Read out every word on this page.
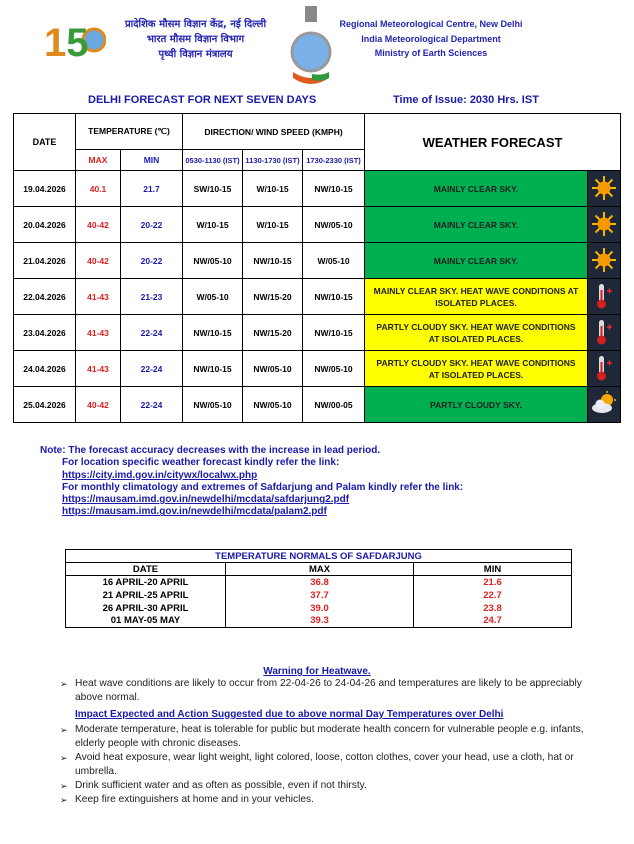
15	प्रादेशिक मौसम विज्ञान केंद्र, नई दिल्ली
भारत मौसम विज्ञान विभाग
पृथ्वी विज्ञान मंत्रालय
Regional Meteorological Centre, New Delhi
India Meteorological Department
Ministry of Earth Sciences
DELHI FORECAST FOR NEXT SEVEN DAYS	Time of Issue: 2030 Hrs. IST
DATE	TEMPERATURE (℃)		DIRECTION/ WIND SPEED (KMPH)			WEATHER FORECAST	
	MAX	MIN	0530-1130 (IST)	1130-1730 (IST)	1730-2330 (IST)		
19.04.2026	40.1	21.7	SW/10-15	W/10-15	NW/10-15	MAINLY CLEAR SKY.	
20.04.2026	40-42	20-22	W/10-15	W/10-15	NW/05-10	MAINLY CLEAR SKY.	
21.04.2026	40-42	20-22	NW/05-10	NW/10-15	W/05-10	MAINLY CLEAR SKY.	
22.04.2026	41-43	21-23	W/05-10	NW/15-20	NW/10-15	MAINLY CLEAR SKY. HEAT WAVE CONDITIONS AT ISOLATED PLACES.	
23.04.2026	41-43	22-24	NW/10-15	NW/15-20	NW/10-15	PARTLY CLOUDY SKY. HEAT WAVE CONDITIONS AT ISOLATED PLACES.	
24.04.2026	41-43	22-24	NW/10-15	NW/05-10	NW/05-10	PARTLY CLOUDY SKY. HEAT WAVE CONDITIONS AT ISOLATED PLACES.	
25.04.2026	40-42	22-24	NW/05-10	NW/05-10	NW/00-05	PARTLY CLOUDY SKY.	

Note: The forecast accuracy decreases with the increase in lead period.

For location specific weather forecast kindly refer the link:
https://city.imd.gov.in/citywx/localwx.php
For monthly climatology and extremes of Safdarjung and Palam kindly refer the link:
https://mausam.imd.gov.in/newdelhi/mcdata/safdarjung2.pdf
https://mausam.imd.gov.in/newdelhi/mcdata/palam2.pdf
TEMPERATURE NORMALS OF SAFDARJUNG		
DATE	MAX	MIN
16 APRIL-20 APRIL	36.8	21.6
21 APRIL-25 APRIL	37.7	22.7
26 APRIL-30 APRIL	39.0	23.8
01 MAY-05 MAY	39.3	24.7
Warning for Heatwave.
➢ Heat wave conditions are likely to occur from 22-04-26 to 24-04-26 and temperatures are likely to be appreciably above normal.
Impact Expected and Action Suggested due to above normal Day Temperatures over Delhi
➢ Moderate temperature, heat is tolerable for public but moderate health concern for vulnerable people e.g. infants, elderly people with chronic diseases.
➢ Avoid heat exposure, wear light weight, light colored, loose, cotton clothes, cover your head, use a cloth, hat or umbrella.
➢ Drink sufficient water and as often as possible, even if not thirsty.
➢ Keep fire extinguishers at home and in your vehicles.
